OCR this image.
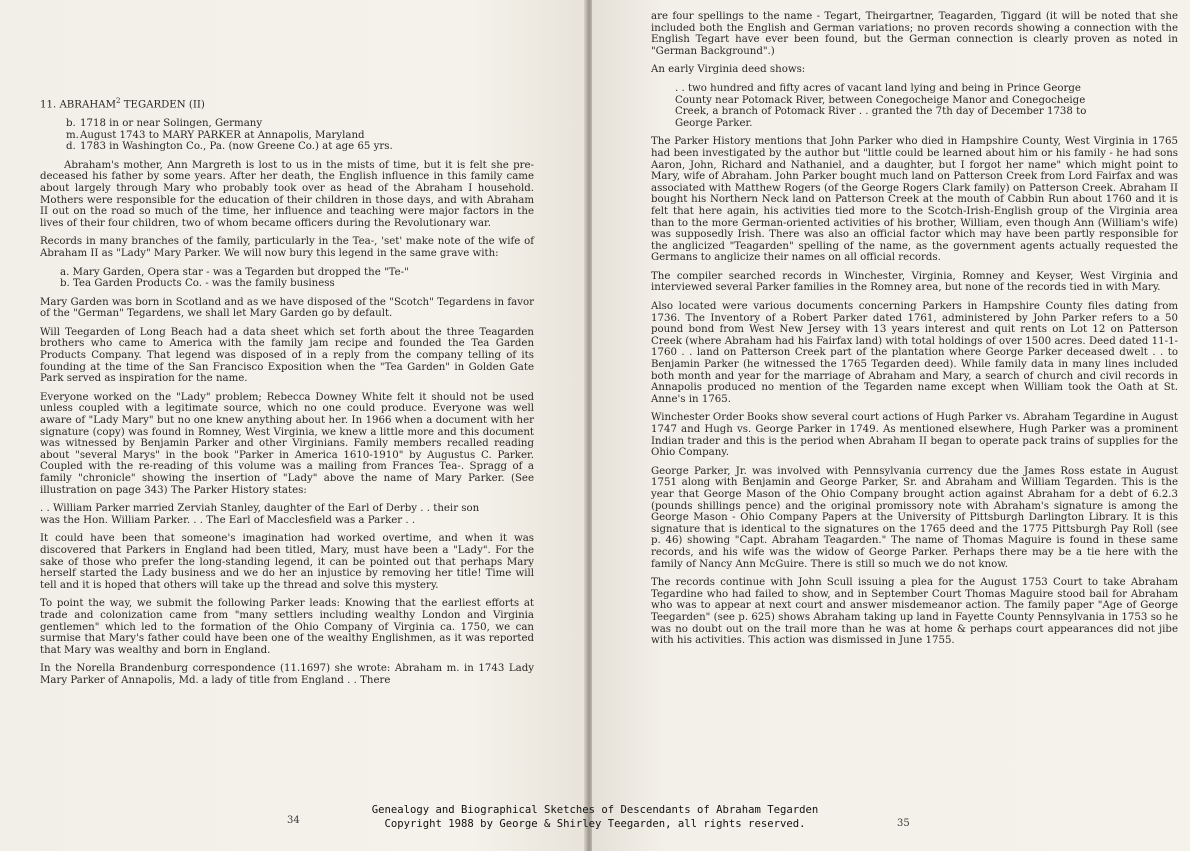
11. ABRAHAM$^2$ TEGARDEN (II)

b. 1718 in or near Solingen, Germany
m. August 1743 to MARY PARKER at Annapolis, Maryland
d. 1783 in Washington Co., Pa. (now Greene Co.) at age 65 yrs.

Abraham's mother, Ann Margreth is lost to us in the mists of time, but it is felt she pre-deceased his father by some years. After her death, the English influence in this family came about largely through Mary who probably took over as head of the Abraham I household. Mothers were responsible for the education of their children in those days, and with Abraham II out on the road so much of the time, her influence and teaching were major factors in the lives of their four children, two of whom became officers during the Revolutionary war.

Records in many branches of the family, particularly in the Tea-, 'set' make note of the wife of Abraham II as "Lady" Mary Parker. We will now bury this legend in the same grave with:

a. Mary Garden, Opera star - was a Tegarden but dropped the "Te-"
b. Tea Garden Products Co. - was the family business

Mary Garden was born in Scotland and as we have disposed of the "Scotch" Tegardens in favor of the "German" Tegardens, we shall let Mary Garden go by default.

Will Teegarden of Long Beach had a data sheet which set forth about the three Teagarden brothers who came to America with the family jam recipe and founded the Tea Garden Products Company. That legend was disposed of in a reply from the company telling of its founding at the time of the San Francisco Exposition when the "Tea Garden" in Golden Gate Park served as inspiration for the name.

Everyone worked on the "Lady" problem; Rebecca Downey White felt it should not be used unless coupled with a legitimate source, which no one could produce. Everyone was well aware of "Lady Mary" but no one knew anything about her. In 1966 when a document with her signature (copy) was found in Romney, West Virginia, we knew a little more and this document was witnessed by Benjamin Parker and other Virginians. Family members recalled reading about "several Marys" in the book "Parker in America 1610-1910" by Augustus C. Parker. Coupled with the re-reading of this volume was a mailing from Frances Tea-. Spragg of a family "chronicle" showing the insertion of "Lady" above the name of Mary Parker. (See illustration on page 343) The Parker History states:

. . William Parker married Zerviah Stanley, daughter of the Earl of Derby . . their son was the Hon. William Parker. . . The Earl of Macclesfield was a Parker . .

It could have been that someone's imagination had worked overtime, and when it was discovered that Parkers in England had been titled, Mary, must have been a "Lady". For the sake of those who prefer the long-standing legend, it can be pointed out that perhaps Mary herself started the Lady business and we do her an injustice by removing her title! Time will tell and it is hoped that others will take up the thread and solve this mystery.

To point the way, we submit the following Parker leads: Knowing that the earliest efforts at trade and colonization came from "many settlers including wealthy London and Virginia gentlemen" which led to the formation of the Ohio Company of Virginia ca. 1750, we can surmise that Mary's father could have been one of the wealthy Englishmen, as it was reported that Mary was wealthy and born in England.

In the Norella Brandenburg correspondence (11.1697) she wrote: Abraham m. in 1743 Lady Mary Parker of Annapolis, Md. a lady of title from England . . There

34

are four spellings to the name - Tegart, Theirgartner, Teagarden, Tiggard (it will be noted that she included both the English and German variations; no proven records showing a connection with the English Tegart have ever been found, but the German connection is clearly proven as noted in "German Background".)

An early Virginia deed shows:

. . two hundred and fifty acres of vacant land lying and being in Prince George County near Potomack River, between Conegocheige Manor and Conegocheige Creek, a branch of Potomack River . . granted the 7th day of December 1738 to George Parker.

The Parker History mentions that John Parker who died in Hampshire County, West Virginia in 1765 had been investigated by the author but "little could be learned about him or his family - he had sons Aaron, John, Richard and Nathaniel, and a daughter, but I forgot her name" which might point to Mary, wife of Abraham. John Parker bought much land on Patterson Creek from Lord Fairfax and was associated with Matthew Rogers (of the George Rogers Clark family) on Patterson Creek. Abraham II bought his Northern Neck land on Patterson Creek at the mouth of Cabbin Run about 1760 and it is felt that here again, his activities tied more to the Scotch-Irish-English group of the Virginia area than to the more German-oriented activities of his brother, William, even though Ann (William's wife) was supposedly Irish. There was also an official factor which may have been partly responsible for the anglicized "Teagarden" spelling of the name, as the government agents actually requested the Germans to anglicize their names on all official records.

The compiler searched records in Winchester, Virginia, Romney and Keyser, West Virginia and interviewed several Parker families in the Romney area, but none of the records tied in with Mary.

Also located were various documents concerning Parkers in Hampshire County files dating from 1736. The Inventory of a Robert Parker dated 1761, administered by John Parker refers to a 50 pound bond from West New Jersey with 13 years interest and quit rents on Lot 12 on Patterson Creek (where Abraham had his Fairfax land) with total holdings of over 1500 acres. Deed dated 11-1-1760 . . land on Patterson Creek part of the plantation where George Parker deceased dwelt . . to Benjamin Parker (he witnessed the 1765 Tegarden deed). While family data in many lines included both month and year for the marriage of Abraham and Mary, a search of church and civil records in Annapolis produced no mention of the Tegarden name except when William took the Oath at St. Anne's in 1765.

Winchester Order Books show several court actions of Hugh Parker vs. Abraham Tegardine in August 1747 and Hugh vs. George Parker in 1749. As mentioned elsewhere, Hugh Parker was a prominent Indian trader and this is the period when Abraham II began to operate pack trains of supplies for the Ohio Company.

George Parker, Jr. was involved with Pennsylvania currency due the James Ross estate in August 1751 along with Benjamin and George Parker, Sr. and Abraham and William Tegarden. This is the year that George Mason of the Ohio Company brought action against Abraham for a debt of 6.2.3 (pounds shillings pence) and the original promissory note with Abraham's signature is among the George Mason - Ohio Company Papers at the University of Pittsburgh Darlington Library. It is this signature that is identical to the signatures on the 1765 deed and the 1775 Pittsburgh Pay Roll (see p. 46) showing "Capt. Abraham Teagarden." The name of Thomas Maguire is found in these same records, and his wife was the widow of George Parker. Perhaps there may be a tie here with the family of Nancy Ann McGuire. There is still so much we do not know.

The records continue with John Scull issuing a plea for the August 1753 Court to take Abraham Tegardine who had failed to show, and in September Court Thomas Maguire stood bail for Abraham who was to appear at next court and answer misdemeanor action. The family paper "Age of George Teegarden" (see p. 625) shows Abraham taking up land in Fayette County Pennsylvania in 1753 so he was no doubt out on the trail more than he was at home & perhaps court appearances did not jibe with his activities. This action was dismissed in June 1755.

35
Genealogy and Biographical Sketches of Descendants of Abraham Tegarden
Copyright 1988 by George & Shirley Teegarden, all rights reserved.
